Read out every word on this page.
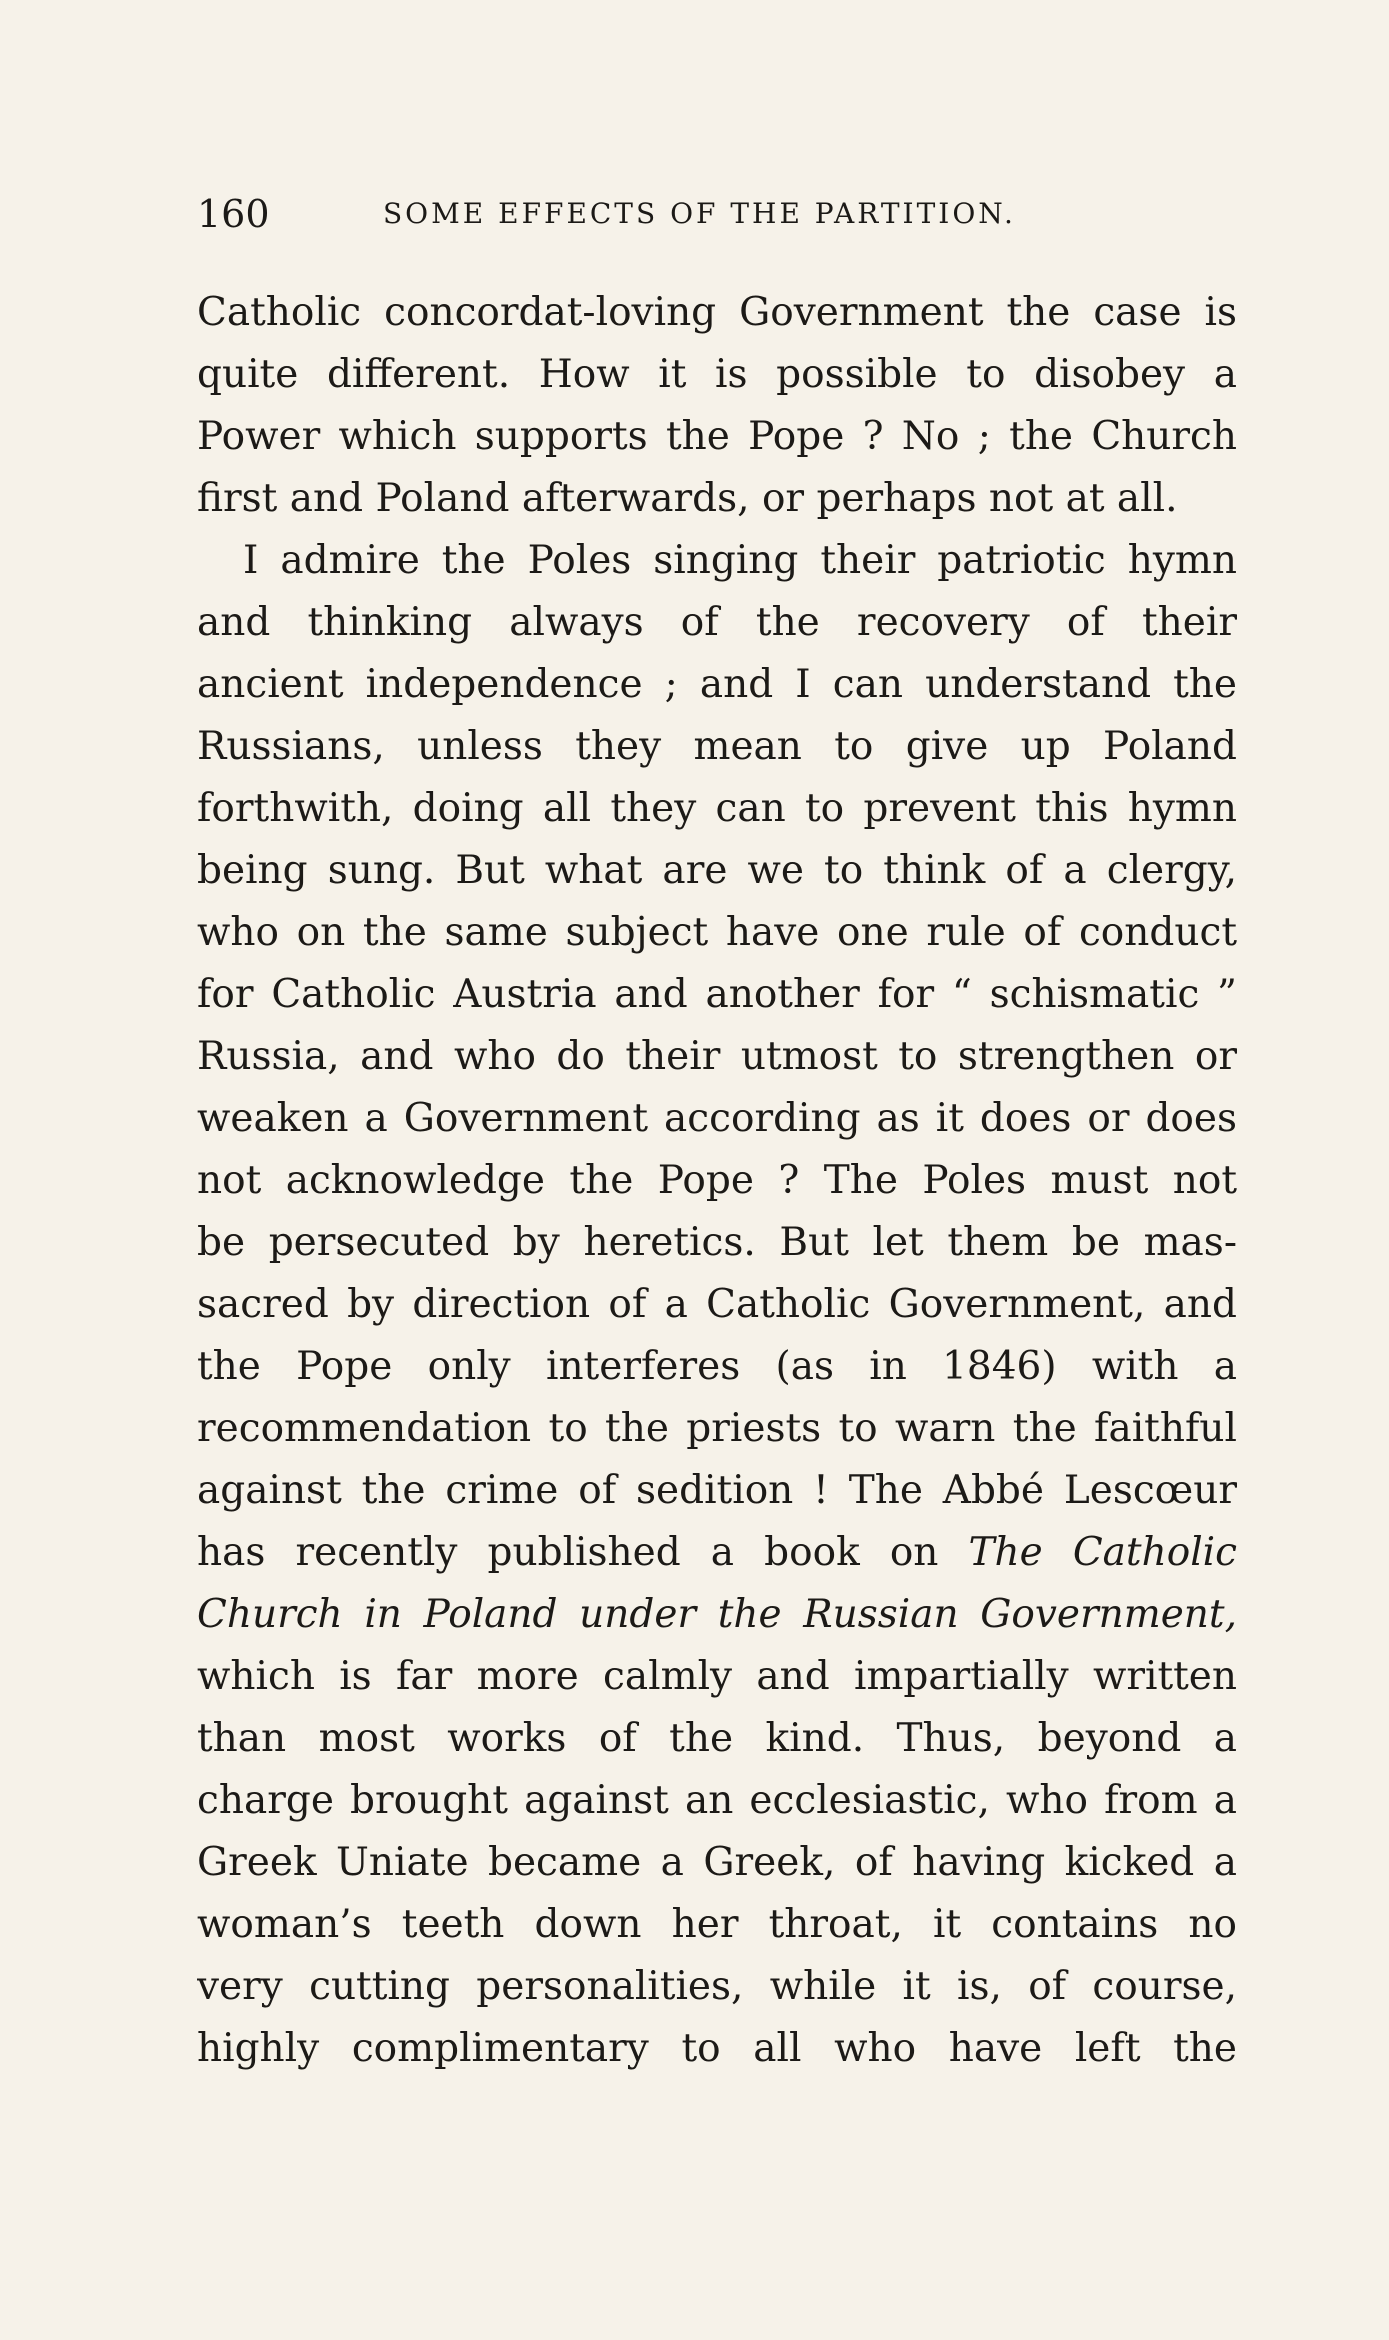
160	SOME EFFECTS OF THE PARTITION.
Catholic concordat-loving Government the case is
quite different. How it is possible to disobey a
Power which supports the Pope ? No ; the Church
first and Poland afterwards, or perhaps not at all.
I admire the Poles singing their patriotic hymn
and thinking always of the recovery of their
ancient independence ; and I can understand the
Russians, unless they mean to give up Poland
forthwith, doing all they can to prevent this hymn
being sung. But what are we to think of a clergy,
who on the same subject have one rule of conduct
for Catholic Austria and another for “ schismatic ”
Russia, and who do their utmost to strengthen or
weaken a Government according as it does or does
not acknowledge the Pope ? The Poles must not
be persecuted by heretics. But let them be mas-
sacred by direction of a Catholic Government, and
the Pope only interferes (as in 1846) with a
recommendation to the priests to warn the faithful
against the crime of sedition ! The Abbé Lescœur
has recently published a book on The Catholic
Church in Poland under the Russian Government,
which is far more calmly and impartially written
than most works of the kind. Thus, beyond a
charge brought against an ecclesiastic, who from a
Greek Uniate became a Greek, of having kicked a
woman’s teeth down her throat, it contains no
very cutting personalities, while it is, of course,
highly complimentary to all who have left the
